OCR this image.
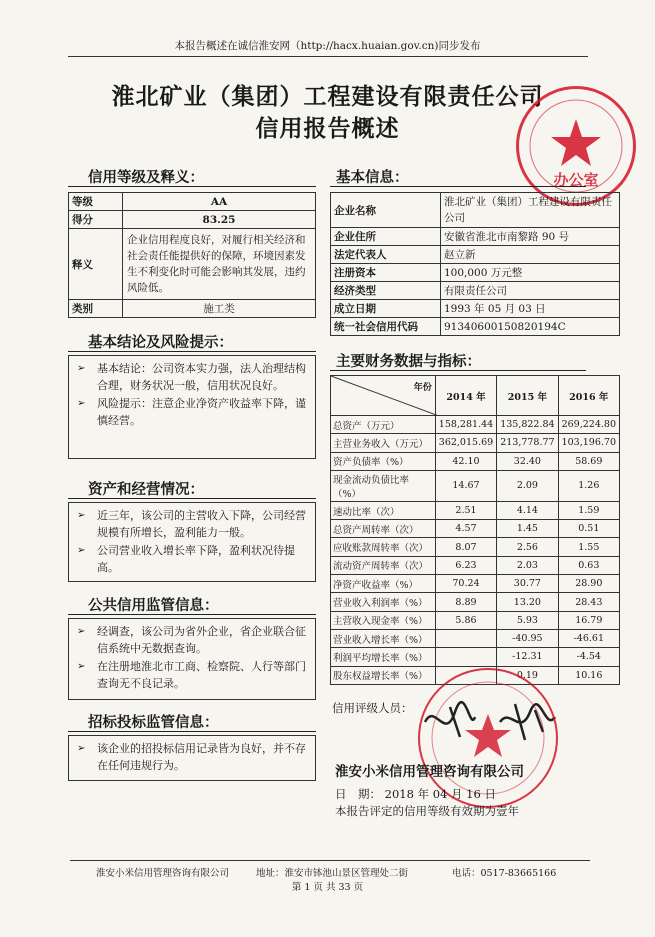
本报告概述在诚信淮安网（http://hacx.huaian.gov.cn)同步发布
淮北矿业（集团）工程建设有限责任公司
信用报告概述
办公室
信用等级及释义：
等级	AA
得分	83.25
释义	企业信用程度良好，对履行相关经济和社会责任能提供好的保障，环境因素发生不利变化时可能会影响其发展，违约风险低。
类别	施工类
基本信息：
企业名称	淮北矿业（集团）工程建设有限责任公司
企业住所	安徽省淮北市南黎路 90 号
法定代表人	赵立新
注册资本	100,000 万元整
经济类型	有限责任公司
成立日期	1993 年 05 月 03 日
统一社会信用代码	91340600150820194C
基本结论及风险提示：
➢ 基本结论：公司资本实力强，法人治理结构合理，财务状况一般，信用状况良好。
➢ 风险提示：注意企业净资产收益率下降，谨慎经营。
资产和经营情况：
➢ 近三年，该公司的主营收入下降，公司经营规模有所增长，盈利能力一般。
➢ 公司营业收入增长率下降，盈利状况待提高。
公共信用监管信息：
➢ 经调查，该公司为省外企业，省企业联合征信系统中无数据查询。
➢ 在注册地淮北市工商、检察院、人行等部门查询无不良记录。
招标投标监管信息：
➢ 该企业的招投标信用记录皆为良好，并不存在任何违规行为。
主要财务数据与指标：
年份	2014 年	2015 年	2016 年
总资产（万元）	158,281.44	135,822.84	269,224.80
主营业务收入（万元）	362,015.69	213,778.77	103,196.70
资产负债率（%）	42.10	32.40	58.69
现金流动负债比率（%）	14.67	2.09	1.26
速动比率（次）	2.51	4.14	1.59
总资产周转率（次）	4.57	1.45	0.51
应收账款周转率（次）	8.07	2.56	1.55
流动资产周转率（次）	6.23	2.03	0.63
净资产收益率（%）	70.24	30.77	28.90
营业收入利润率（%）	8.89	13.20	28.43
主营收入现金率（%）	5.86	5.93	16.79
营业收入增长率（%）		-40.95	-46.61
利润平均增长率（%）		-12.31	-4.54
股东权益增长率（%）		0.19	10.16
信用评级人员：
淮安小米信用管理咨询有限公司
日　期： 2018 年 04 月 16 日
本报告评定的信用等级有效期为壹年
淮安小米信用管理咨询有限公司	地址：淮安市钵池山景区管理处二街	电话：0517-83665166
第 1 页 共 33 页
